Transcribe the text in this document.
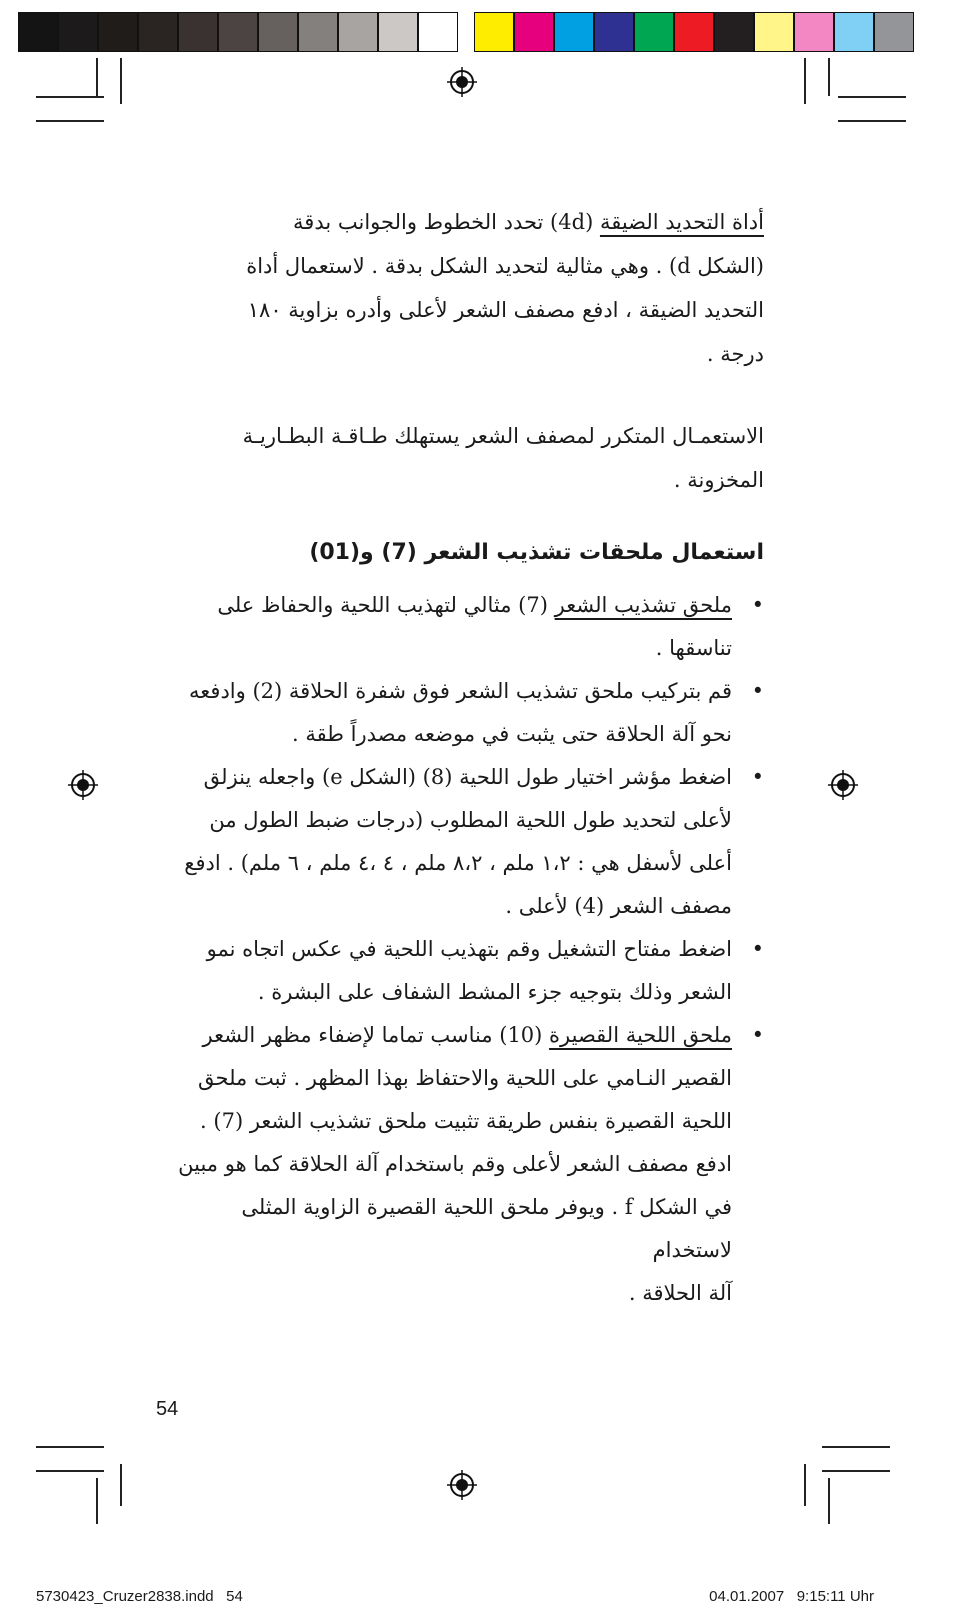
أداة التحديد الضيقة (4d) تحدد الخطوط والجوانب بدقة
(الشكل d) . وهي مثالية لتحديد الشكل بدقة . لاستعمال أداة
التحديد الضيقة ، ادفع مصفف الشعر لأعلى وأدره بزاوية ١٨٠
درجة .
الاستعمـال المتكرر لمصفف الشعر يستهلك طـاقـة البطـاريـة
المخزونة .
استعمال ملحقات تشذيب الشعر (7) و(01)
•
ملحق تشذيب الشعر (7) مثالي لتهذيب اللحية والحفاظ على
تناسقها .
•
قم بتركيب ملحق تشذيب الشعر فوق شفرة الحلاقة (2) وادفعه
نحو آلة الحلاقة حتى يثبت في موضعه مصدراً طقة .
•
اضغط مؤشر اختيار طول اللحية (8) (الشكل e) واجعله ينزلق
لأعلى لتحديد طول اللحية المطلوب (درجات ضبط الطول من
أعلى لأسفل هي : ١،٢ ملم ، ٨،٢ ملم ، ٤ ،٤ ملم ، ٦ ملم) . ادفع
مصفف الشعر (4) لأعلى .
•
اضغط مفتاح التشغيل وقم بتهذيب اللحية في عكس اتجاه نمو
الشعر وذلك بتوجيه جزء المشط الشفاف على البشرة .
•
ملحق اللحية القصيرة (10) مناسب تماما لإضفاء مظهر الشعر
القصير النـامي على اللحية والاحتفاظ بهذا المظهر . ثبت ملحق
اللحية القصيرة بنفس طريقة تثبيت ملحق تشذيب الشعر (7) .
ادفع مصفف الشعر لأعلى وقم باستخدام آلة الحلاقة كما هو مبين
في الشكل f . ويوفر ملحق اللحية القصيرة الزاوية المثلى لاستخدام
آلة الحلاقة .
54
5730423_Cruzer2838.indd   54	04.01.2007   9:15:11 Uhr
